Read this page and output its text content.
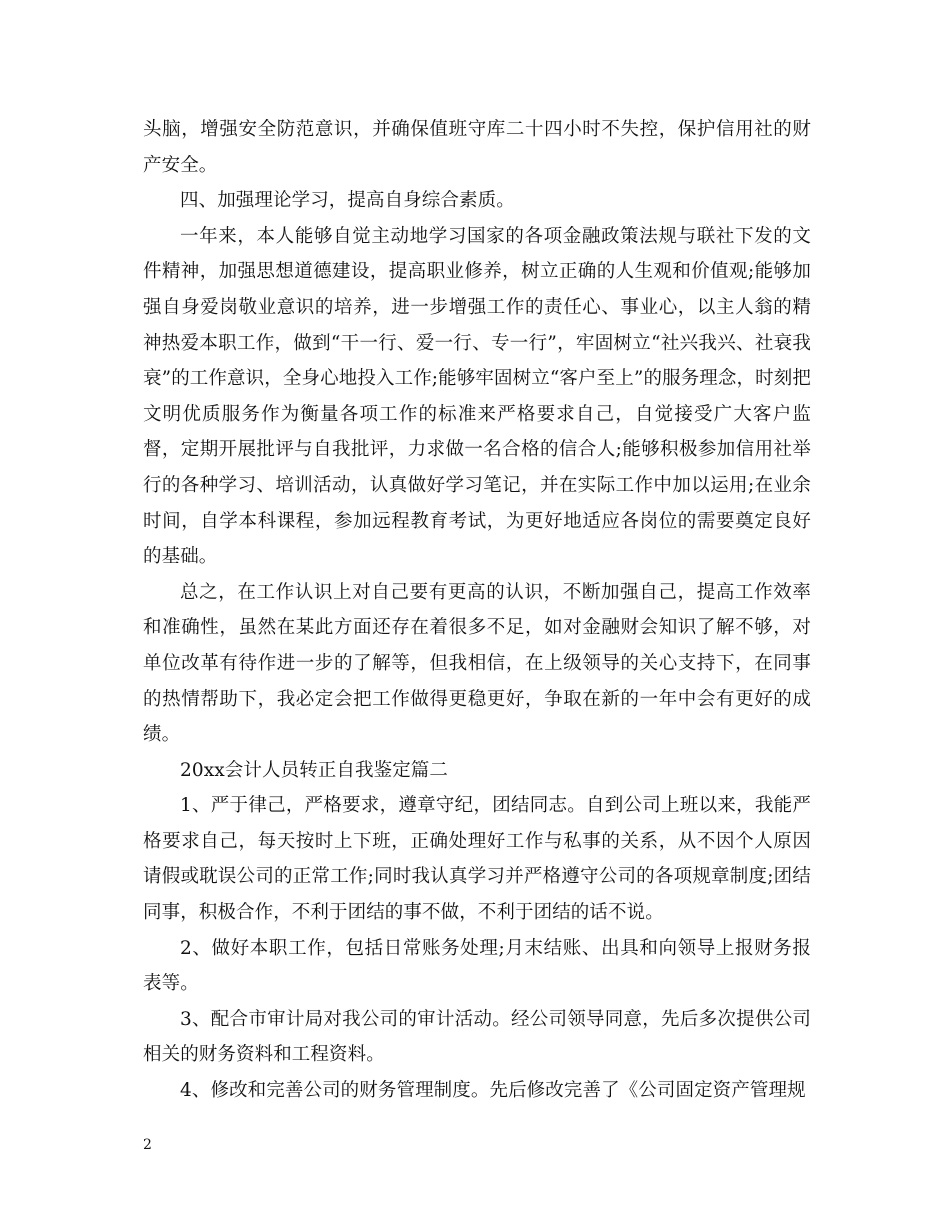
头脑，增强安全防范意识，并确保值班守库二十四小时不失控，保护信用社的财产安全。

四、加强理论学习，提高自身综合素质。

一年来，本人能够自觉主动地学习国家的各项金融政策法规与联社下发的文件精神，加强思想道德建设，提高职业修养，树立正确的人生观和价值观;能够加强自身爱岗敬业意识的培养，进一步增强工作的责任心、事业心，以主人翁的精神热爱本职工作，做到“干一行、爱一行、专一行”，牢固树立“社兴我兴、社衰我衰”的工作意识，全身心地投入工作;能够牢固树立“客户至上”的服务理念，时刻把文明优质服务作为衡量各项工作的标准来严格要求自己，自觉接受广大客户监督，定期开展批评与自我批评，力求做一名合格的信合人;能够积极参加信用社举行的各种学习、培训活动，认真做好学习笔记，并在实际工作中加以运用;在业余时间，自学本科课程，参加远程教育考试，为更好地适应各岗位的需要奠定良好的基础。

总之，在工作认识上对自己要有更高的认识，不断加强自己，提高工作效率和准确性，虽然在某此方面还存在着很多不足，如对金融财会知识了解不够，对单位改革有待作进一步的了解等，但我相信，在上级领导的关心支持下，在同事的热情帮助下，我必定会把工作做得更稳更好，争取在新的一年中会有更好的成绩。

20xx会计人员转正自我鉴定篇二

1、严于律己，严格要求，遵章守纪，团结同志。自到公司上班以来，我能严格要求自己，每天按时上下班，正确处理好工作与私事的关系，从不因个人原因请假或耽误公司的正常工作;同时我认真学习并严格遵守公司的各项规章制度;团结同事，积极合作，不利于团结的事不做，不利于团结的话不说。

2、做好本职工作，包括日常账务处理;月末结账、出具和向领导上报财务报表等。

3、配合市审计局对我公司的审计活动。经公司领导同意，先后多次提供公司相关的财务资料和工程资料。

4、修改和完善公司的财务管理制度。先后修改完善了《公司固定资产管理规

2
